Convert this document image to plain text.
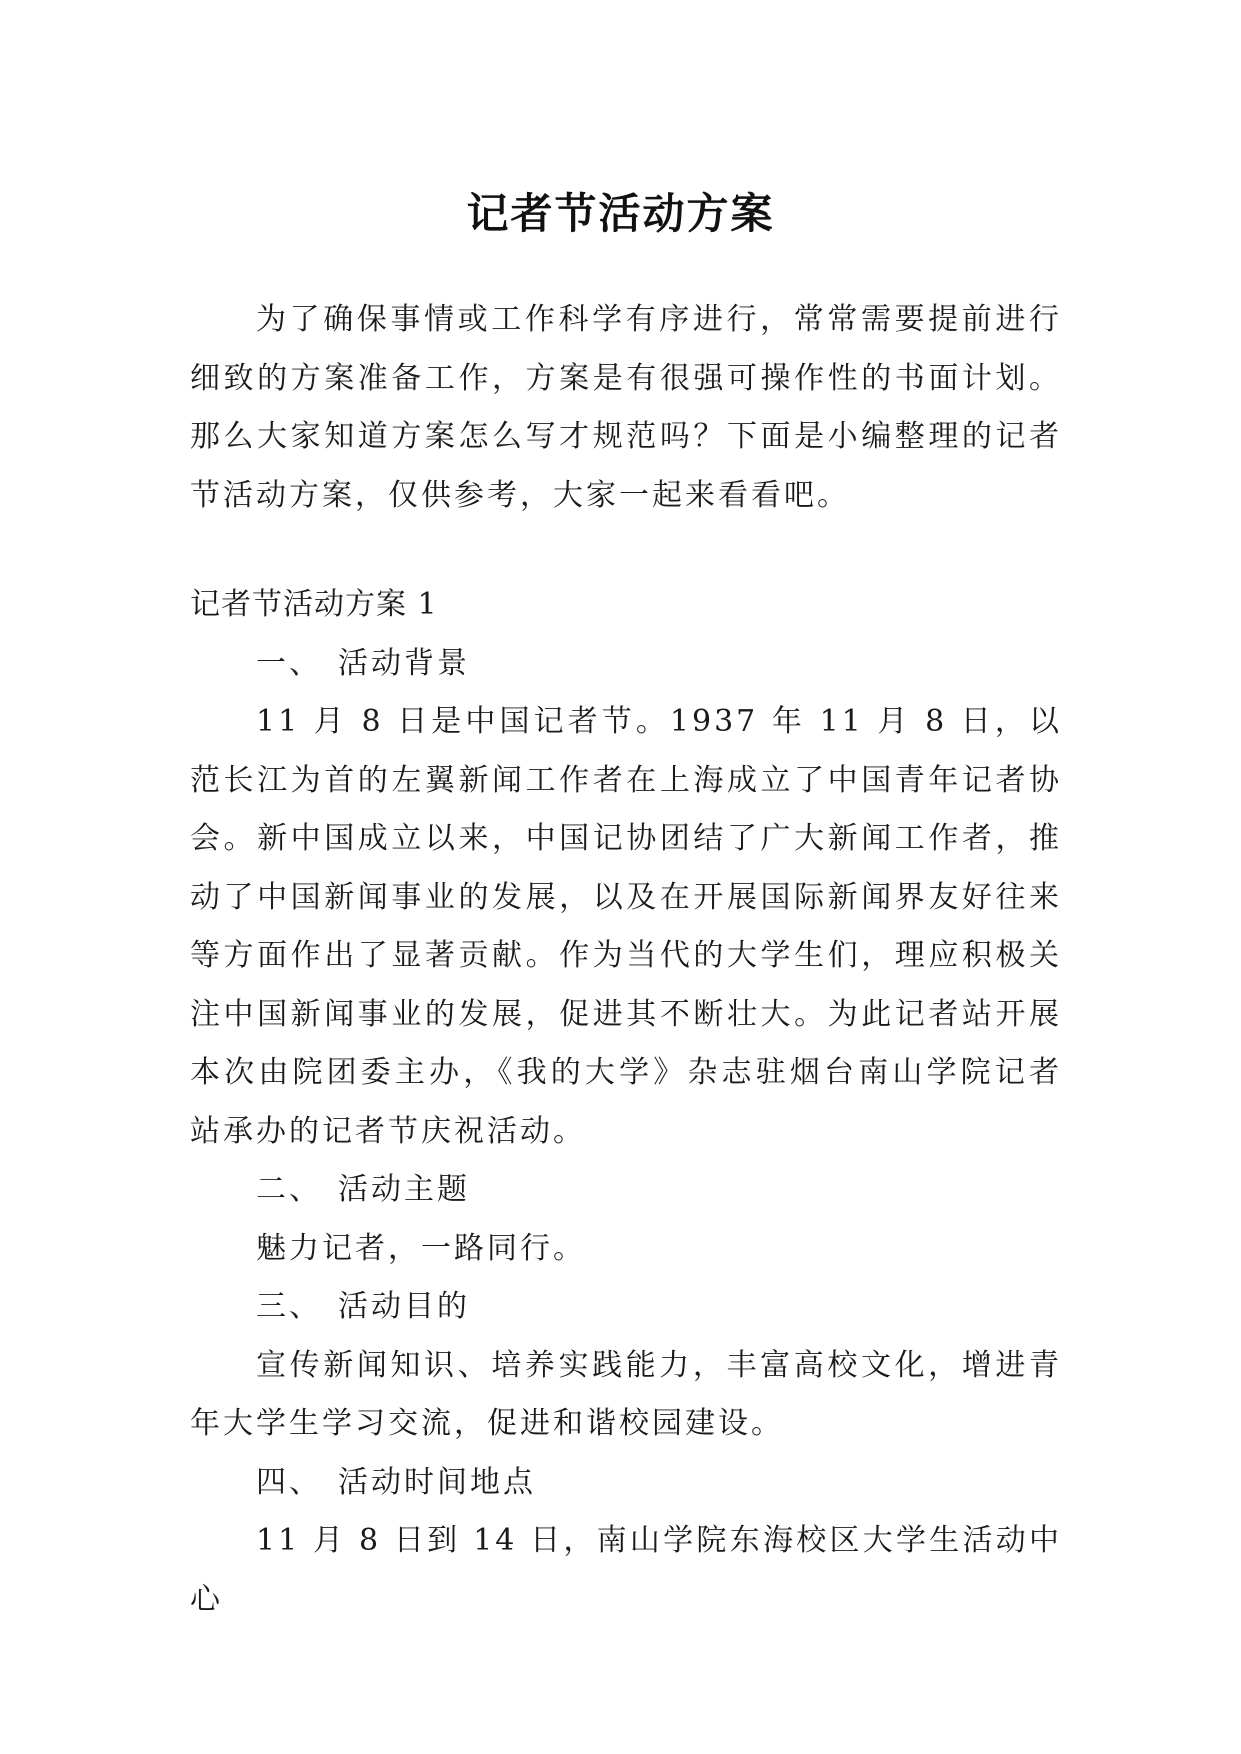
记者节活动方案

为了确保事情或工作科学有序进行，常常需要提前进行细致的方案准备工作，方案是有很强可操作性的书面计划。那么大家知道方案怎么写才规范吗？下面是小编整理的记者节活动方案，仅供参考，大家一起来看看吧。

记者节活动方案 1

一、 活动背景

11 月 8 日是中国记者节。1937 年 11 月 8 日，以范长江为首的左翼新闻工作者在上海成立了中国青年记者协会。新中国成立以来，中国记协团结了广大新闻工作者，推动了中国新闻事业的发展，以及在开展国际新闻界友好往来等方面作出了显著贡献。作为当代的大学生们，理应积极关注中国新闻事业的发展，促进其不断壮大。为此记者站开展本次由院团委主办，《我的大学》杂志驻烟台南山学院记者站承办的记者节庆祝活动。

二、 活动主题

魅力记者，一路同行。

三、 活动目的

宣传新闻知识、培养实践能力，丰富高校文化，增进青年大学生学习交流，促进和谐校园建设。

四、 活动时间地点

11 月 8 日到 14 日，南山学院东海校区大学生活动中心
